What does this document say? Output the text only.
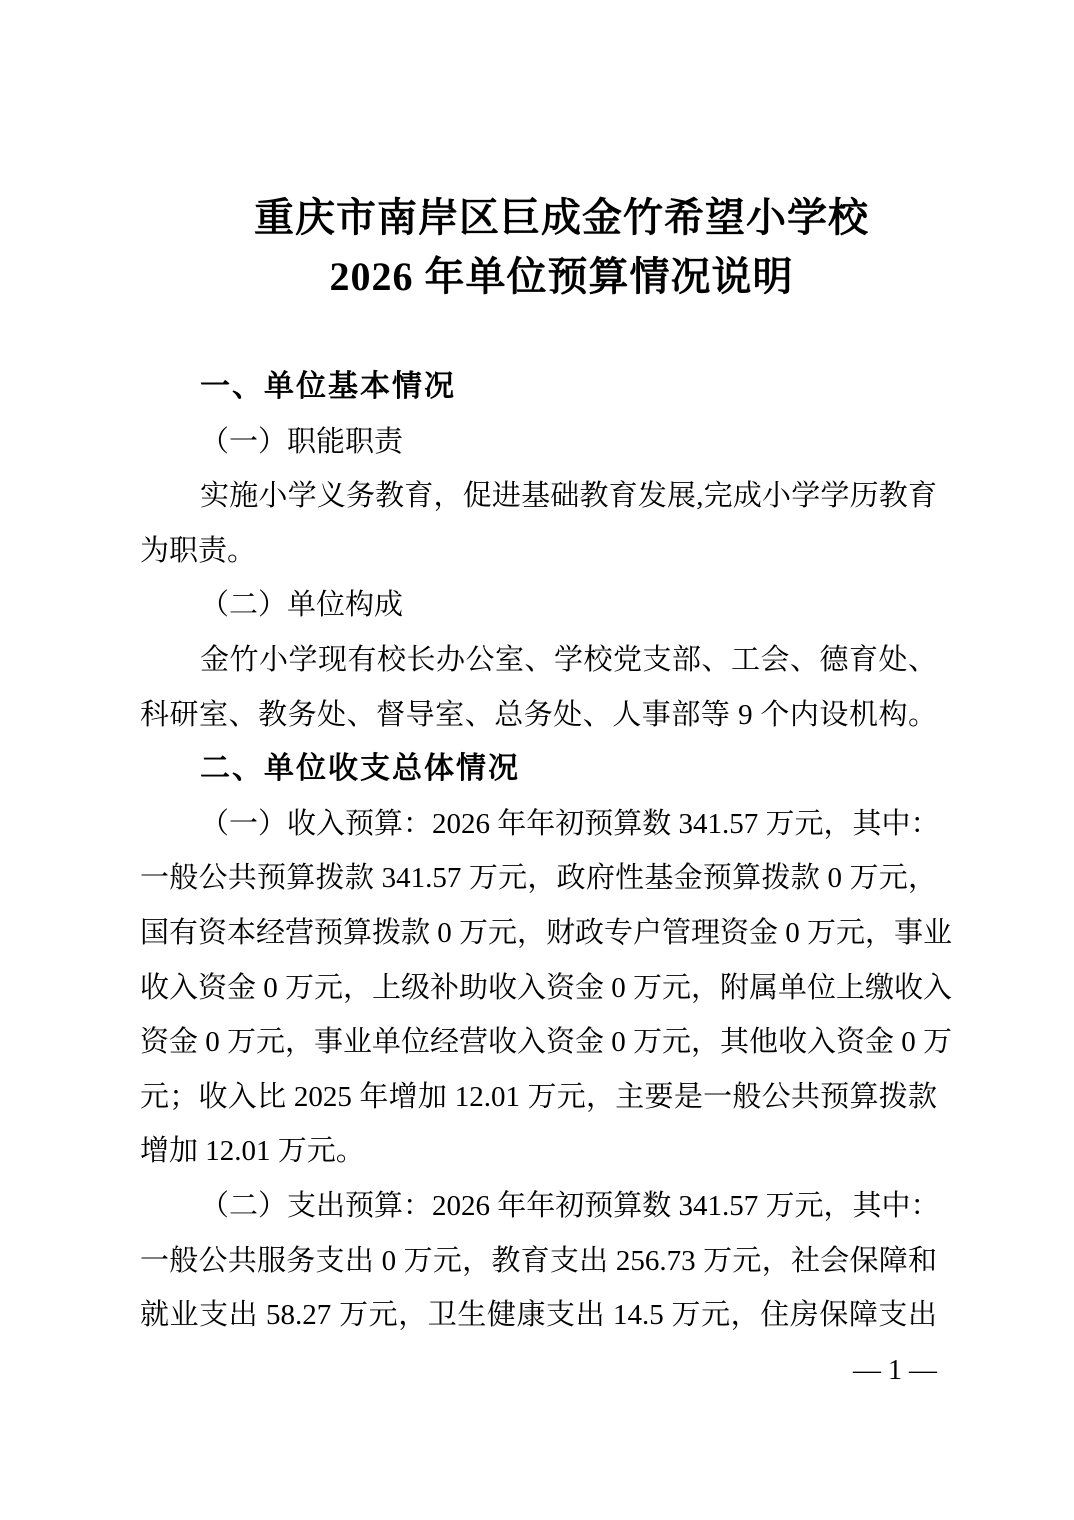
重庆市南岸区巨成金竹希望小学校
2026 年单位预算情况说明
一、单位基本情况
（一）职能职责
实施小学义务教育，促进基础教育发展,完成小学学历教育
为职责。
（二）单位构成
金竹小学现有校长办公室、学校党支部、工会、德育处、
科研室、教务处、督导室、总务处、人事部等 9 个内设机构。
二、单位收支总体情况
（一）收入预算：2026 年年初预算数 341.57 万元，其中：
一般公共预算拨款 341.57 万元，政府性基金预算拨款 0 万元，
国有资本经营预算拨款 0 万元，财政专户管理资金 0 万元，事业
收入资金 0 万元，上级补助收入资金 0 万元，附属单位上缴收入
资金 0 万元，事业单位经营收入资金 0 万元，其他收入资金 0 万
元；收入比 2025 年增加 12.01 万元，主要是一般公共预算拨款
增加 12.01 万元。
（二）支出预算：2026 年年初预算数 341.57 万元，其中：
一般公共服务支出 0 万元，教育支出 256.73 万元，社会保障和
就业支出 58.27 万元，卫生健康支出 14.5 万元，住房保障支出
— 1 —
